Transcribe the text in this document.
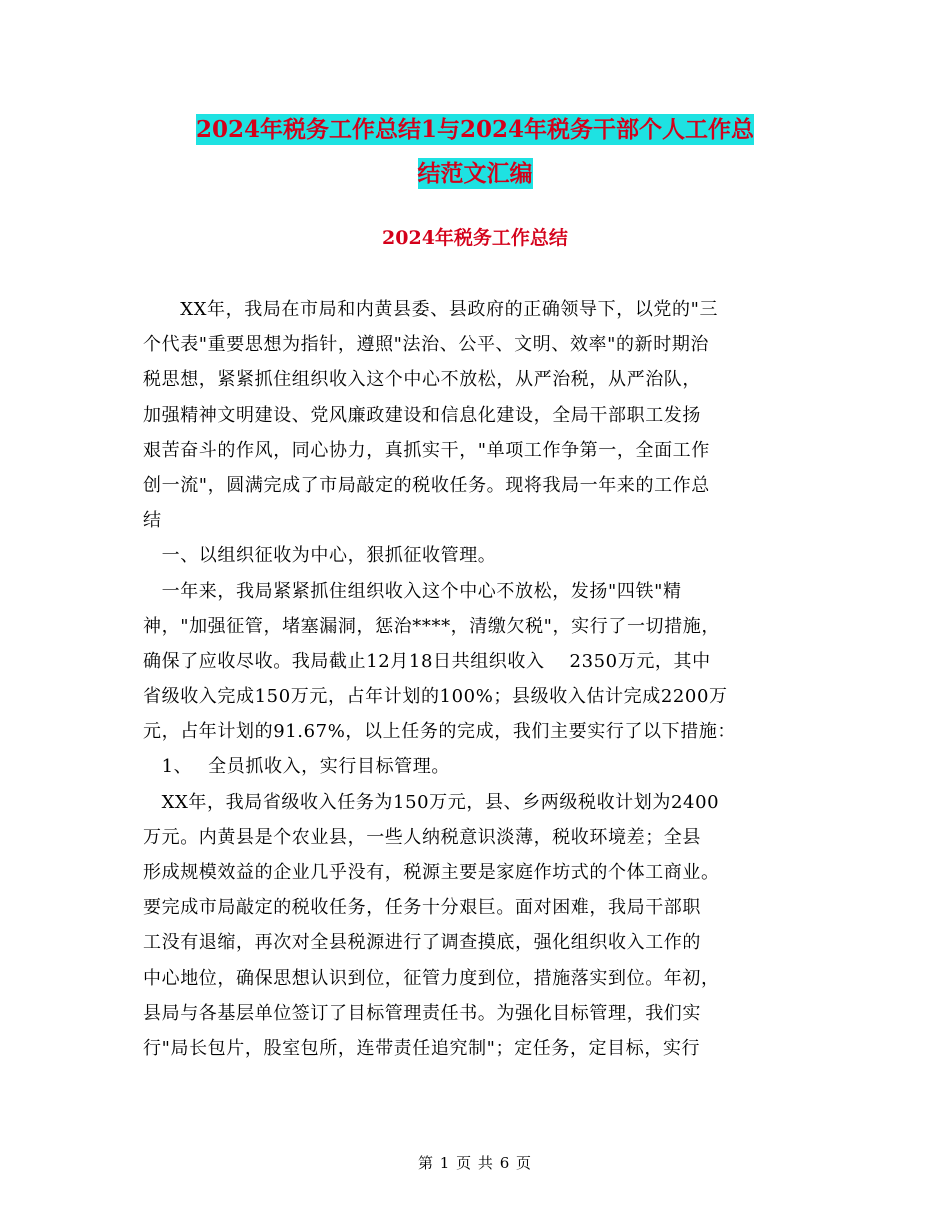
2024年税务工作总结1与2024年税务干部个人工作总
结范文汇编
2024年税务工作总结
　　XX年，我局在市局和内黄县委、县政府的正确领导下，以党的"三
个代表"重要思想为指针，遵照"法治、公平、文明、效率"的新时期治
税思想，紧紧抓住组织收入这个中心不放松，从严治税，从严治队，
加强精神文明建设、党风廉政建设和信息化建设，全局干部职工发扬
艰苦奋斗的作风，同心协力，真抓实干，"单项工作争第一，全面工作
创一流"，圆满完成了市局敲定的税收任务。现将我局一年来的工作总
结
　一、以组织征收为中心，狠抓征收管理。
　一年来，我局紧紧抓住组织收入这个中心不放松，发扬"四铁"精
神，"加强征管，堵塞漏洞，惩治****，清缴欠税"，实行了一切措施，
确保了应收尽收。我局截止12月18日共组织收入　 2350万元，其中
省级收入完成150万元，占年计划的100%；县级收入估计完成2200万
元，占年计划的91.67%，以上任务的完成，我们主要实行了以下措施：
　1、　 全员抓收入，实行目标管理。
　XX年，我局省级收入任务为150万元，县、乡两级税收计划为2400
万元。内黄县是个农业县，一些人纳税意识淡薄，税收环境差；全县
形成规模效益的企业几乎没有，税源主要是家庭作坊式的个体工商业。
要完成市局敲定的税收任务，任务十分艰巨。面对困难，我局干部职
工没有退缩，再次对全县税源进行了调查摸底，强化组织收入工作的
中心地位，确保思想认识到位，征管力度到位，措施落实到位。年初，
县局与各基层单位签订了目标管理责任书。为强化目标管理，我们实
行"局长包片，股室包所，连带责任追究制"；定任务，定目标，实行
第 1 页 共 6 页
